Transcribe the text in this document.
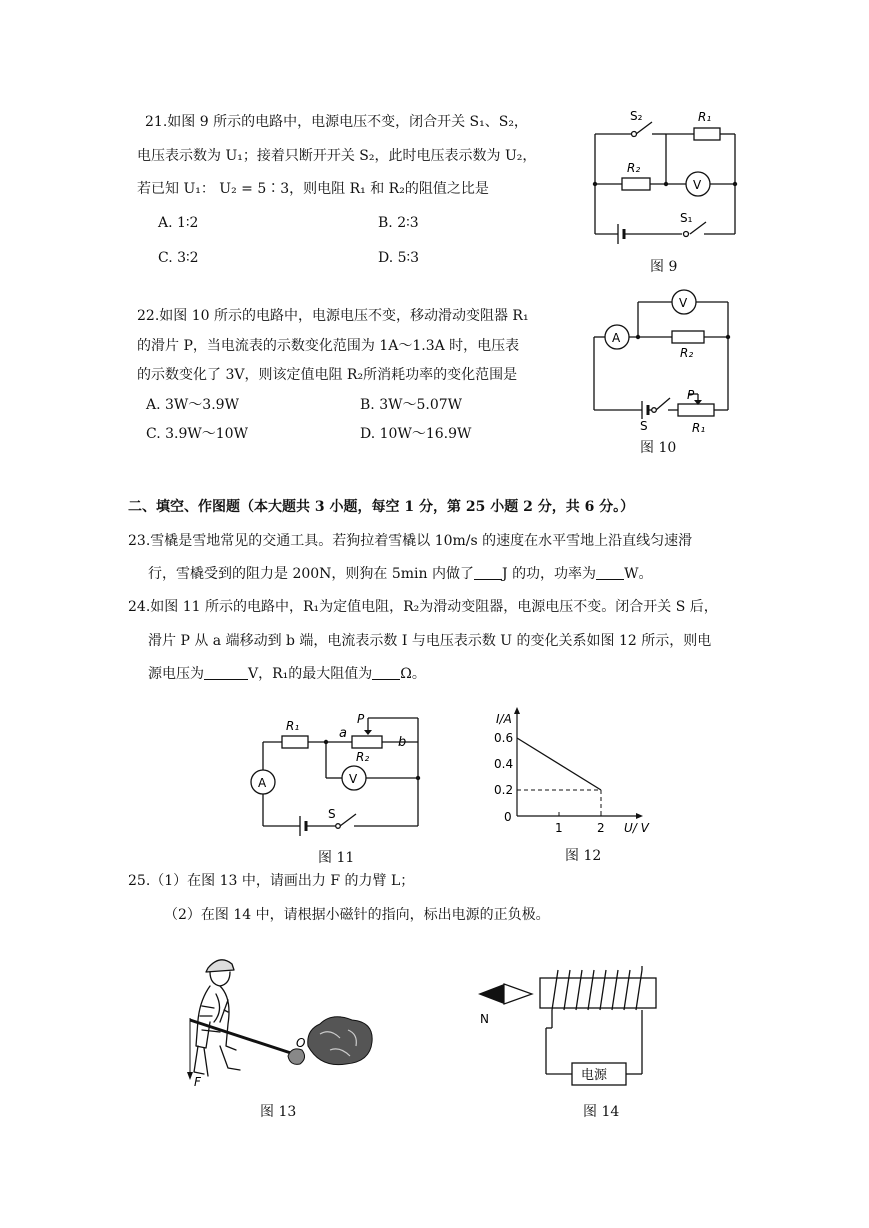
21.如图 9 所示的电路中，电源电压不变，闭合开关 S₁、S₂，
电压表示数为 U₁；接着只断开开关 S₂，此时电压表示数为 U₂，
若已知 U₁： U₂ = 5∶3，则电阻 R₁ 和 R₂的阻值之比是
A. 1∶2	B. 2∶3
C. 3∶2	D. 5∶3
S₂	R₁
R₂
V
S₁
图 9
22.如图 10 所示的电路中，电源电压不变，移动滑动变阻器 R₁
的滑片 P，当电流表的示数变化范围为 1A～1.3A 时，电压表
的示数变化了 3V，则该定值电阻 R₂所消耗功率的变化范围是
A. 3W～3.9W	B. 3W～5.07W
C. 3.9W～10W	D. 10W～16.9W
V
A
R₂
P
S	R₁
图 10
二、填空、作图题（本大题共 3 小题，每空 1 分，第 25 小题 2 分，共 6 分。）
23.雪橇是雪地常见的交通工具。若狗拉着雪橇以 10m/s 的速度在水平雪地上沿直线匀速滑
行，雪橇受到的阻力是 200N，则狗在 5min 内做了 J 的功，功率为 W。
24.如图 11 所示的电路中，R₁为定值电阻，R₂为滑动变阻器，电源电压不变。闭合开关 S 后，
滑片 P 从 a 端移动到 b 端，电流表示数 I 与电压表示数 U 的变化关系如图 12 所示，则电
源电压为	V，R₁的最大阻值为 Ω。
R₁	P
a
b
R₂
A	V
S
图 11
I/A
U/ V
0
0.2
0.4
0.6
1	2
图 12
25.（1）在图 13 中，请画出力 F 的力臂 L；
（2）在图 14 中，请根据小磁针的指向，标出电源的正负极。
O
F
图 13
N
电源
图 14
